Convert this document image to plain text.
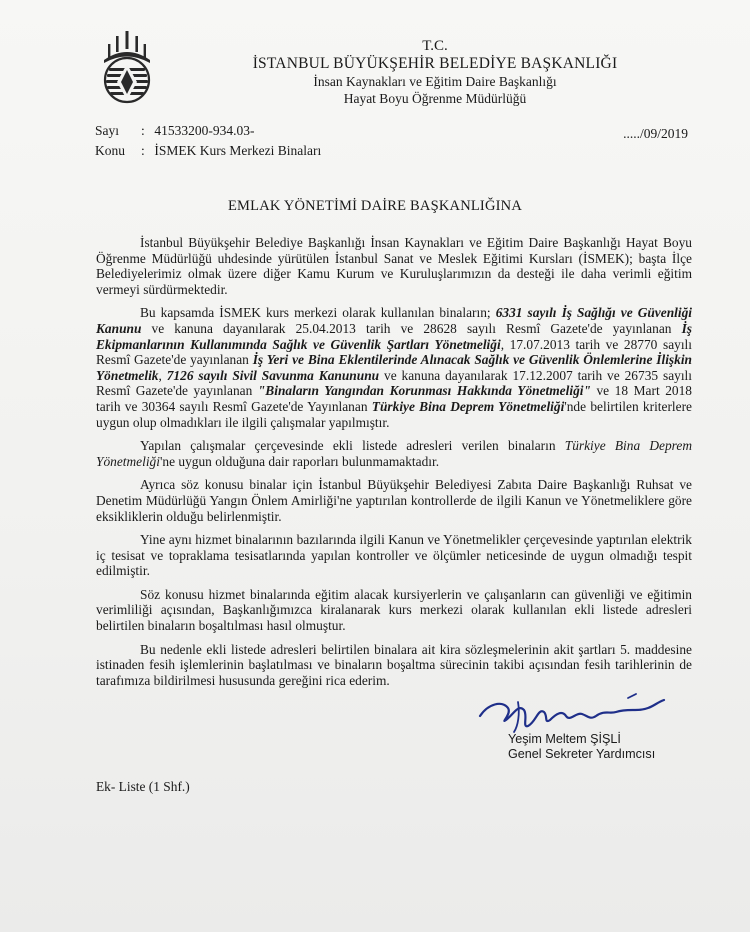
T.C.
İSTANBUL BÜYÜKŞEHİR BELEDİYE BAŞKANLIĞI
İnsan Kaynakları ve Eğitim Daire Başkanlığı
Hayat Boyu Öğrenme Müdürlüğü
Sayı : 41533200-934.03-
Konu : İSMEK Kurs Merkezi Binaları
...../09/2019
EMLAK YÖNETİMİ DAİRE BAŞKANLIĞINA

İstanbul Büyükşehir Belediye Başkanlığı İnsan Kaynakları ve Eğitim Daire Başkanlığı Hayat Boyu Öğrenme Müdürlüğü uhdesinde yürütülen İstanbul Sanat ve Meslek Eğitimi Kursları (İSMEK); başta İlçe Belediyelerimiz olmak üzere diğer Kamu Kurum ve Kuruluşlarımızın da desteği ile daha verimli eğitim vermeyi sürdürmektedir.

Bu kapsamda İSMEK kurs merkezi olarak kullanılan binaların; 6331 sayılı İş Sağlığı ve Güvenliği Kanunu ve kanuna dayanılarak 25.04.2013 tarih ve 28628 sayılı Resmî Gazete'de yayınlanan İş Ekipmanlarının Kullanımında Sağlık ve Güvenlik Şartları Yönetmeliği, 17.07.2013 tarih ve 28770 sayılı Resmî Gazete'de yayınlanan İş Yeri ve Bina Eklentilerinde Alınacak Sağlık ve Güvenlik Önlemlerine İlişkin Yönetmelik, 7126 sayılı Sivil Savunma Kanununu ve kanuna dayanılarak 17.12.2007 tarih ve 26735 sayılı Resmî Gazete'de yayınlanan "Binaların Yangından Korunması Hakkında Yönetmeliği" ve 18 Mart 2018 tarih ve 30364 sayılı Resmî Gazete'de Yayınlanan Türkiye Bina Deprem Yönetmeliği'nde belirtilen kriterlere uygun olup olmadıkları ile ilgili çalışmalar yapılmıştır.

Yapılan çalışmalar çerçevesinde ekli listede adresleri verilen binaların Türkiye Bina Deprem Yönetmeliği'ne uygun olduğuna dair raporları bulunmamaktadır.

Ayrıca söz konusu binalar için İstanbul Büyükşehir Belediyesi Zabıta Daire Başkanlığı Ruhsat ve Denetim Müdürlüğü Yangın Önlem Amirliği'ne yaptırılan kontrollerde de ilgili Kanun ve Yönetmeliklere göre eksikliklerin olduğu belirlenmiştir.

Yine aynı hizmet binalarının bazılarında ilgili Kanun ve Yönetmelikler çerçevesinde yaptırılan elektrik iç tesisat ve topraklama tesisatlarında yapılan kontroller ve ölçümler neticesinde de uygun olmadığı tespit edilmiştir.

Söz konusu hizmet binalarında eğitim alacak kursiyerlerin ve çalışanların can güvenliği ve eğitimin verimliliği açısından, Başkanlığımızca kiralanarak kurs merkezi olarak kullanılan ekli listede adresleri belirtilen binaların boşaltılması hasıl olmuştur.

Bu nedenle ekli listede adresleri belirtilen binalara ait kira sözleşmelerinin akit şartları 5. maddesine istinaden fesih işlemlerinin başlatılması ve binaların boşaltma sürecinin takibi açısından fesih tarihlerinin de tarafımıza bildirilmesi hususunda gereğini rica ederim.

Yeşim Meltem ŞİŞLİ
Genel Sekreter Yardımcısı
Ek- Liste (1 Shf.)
